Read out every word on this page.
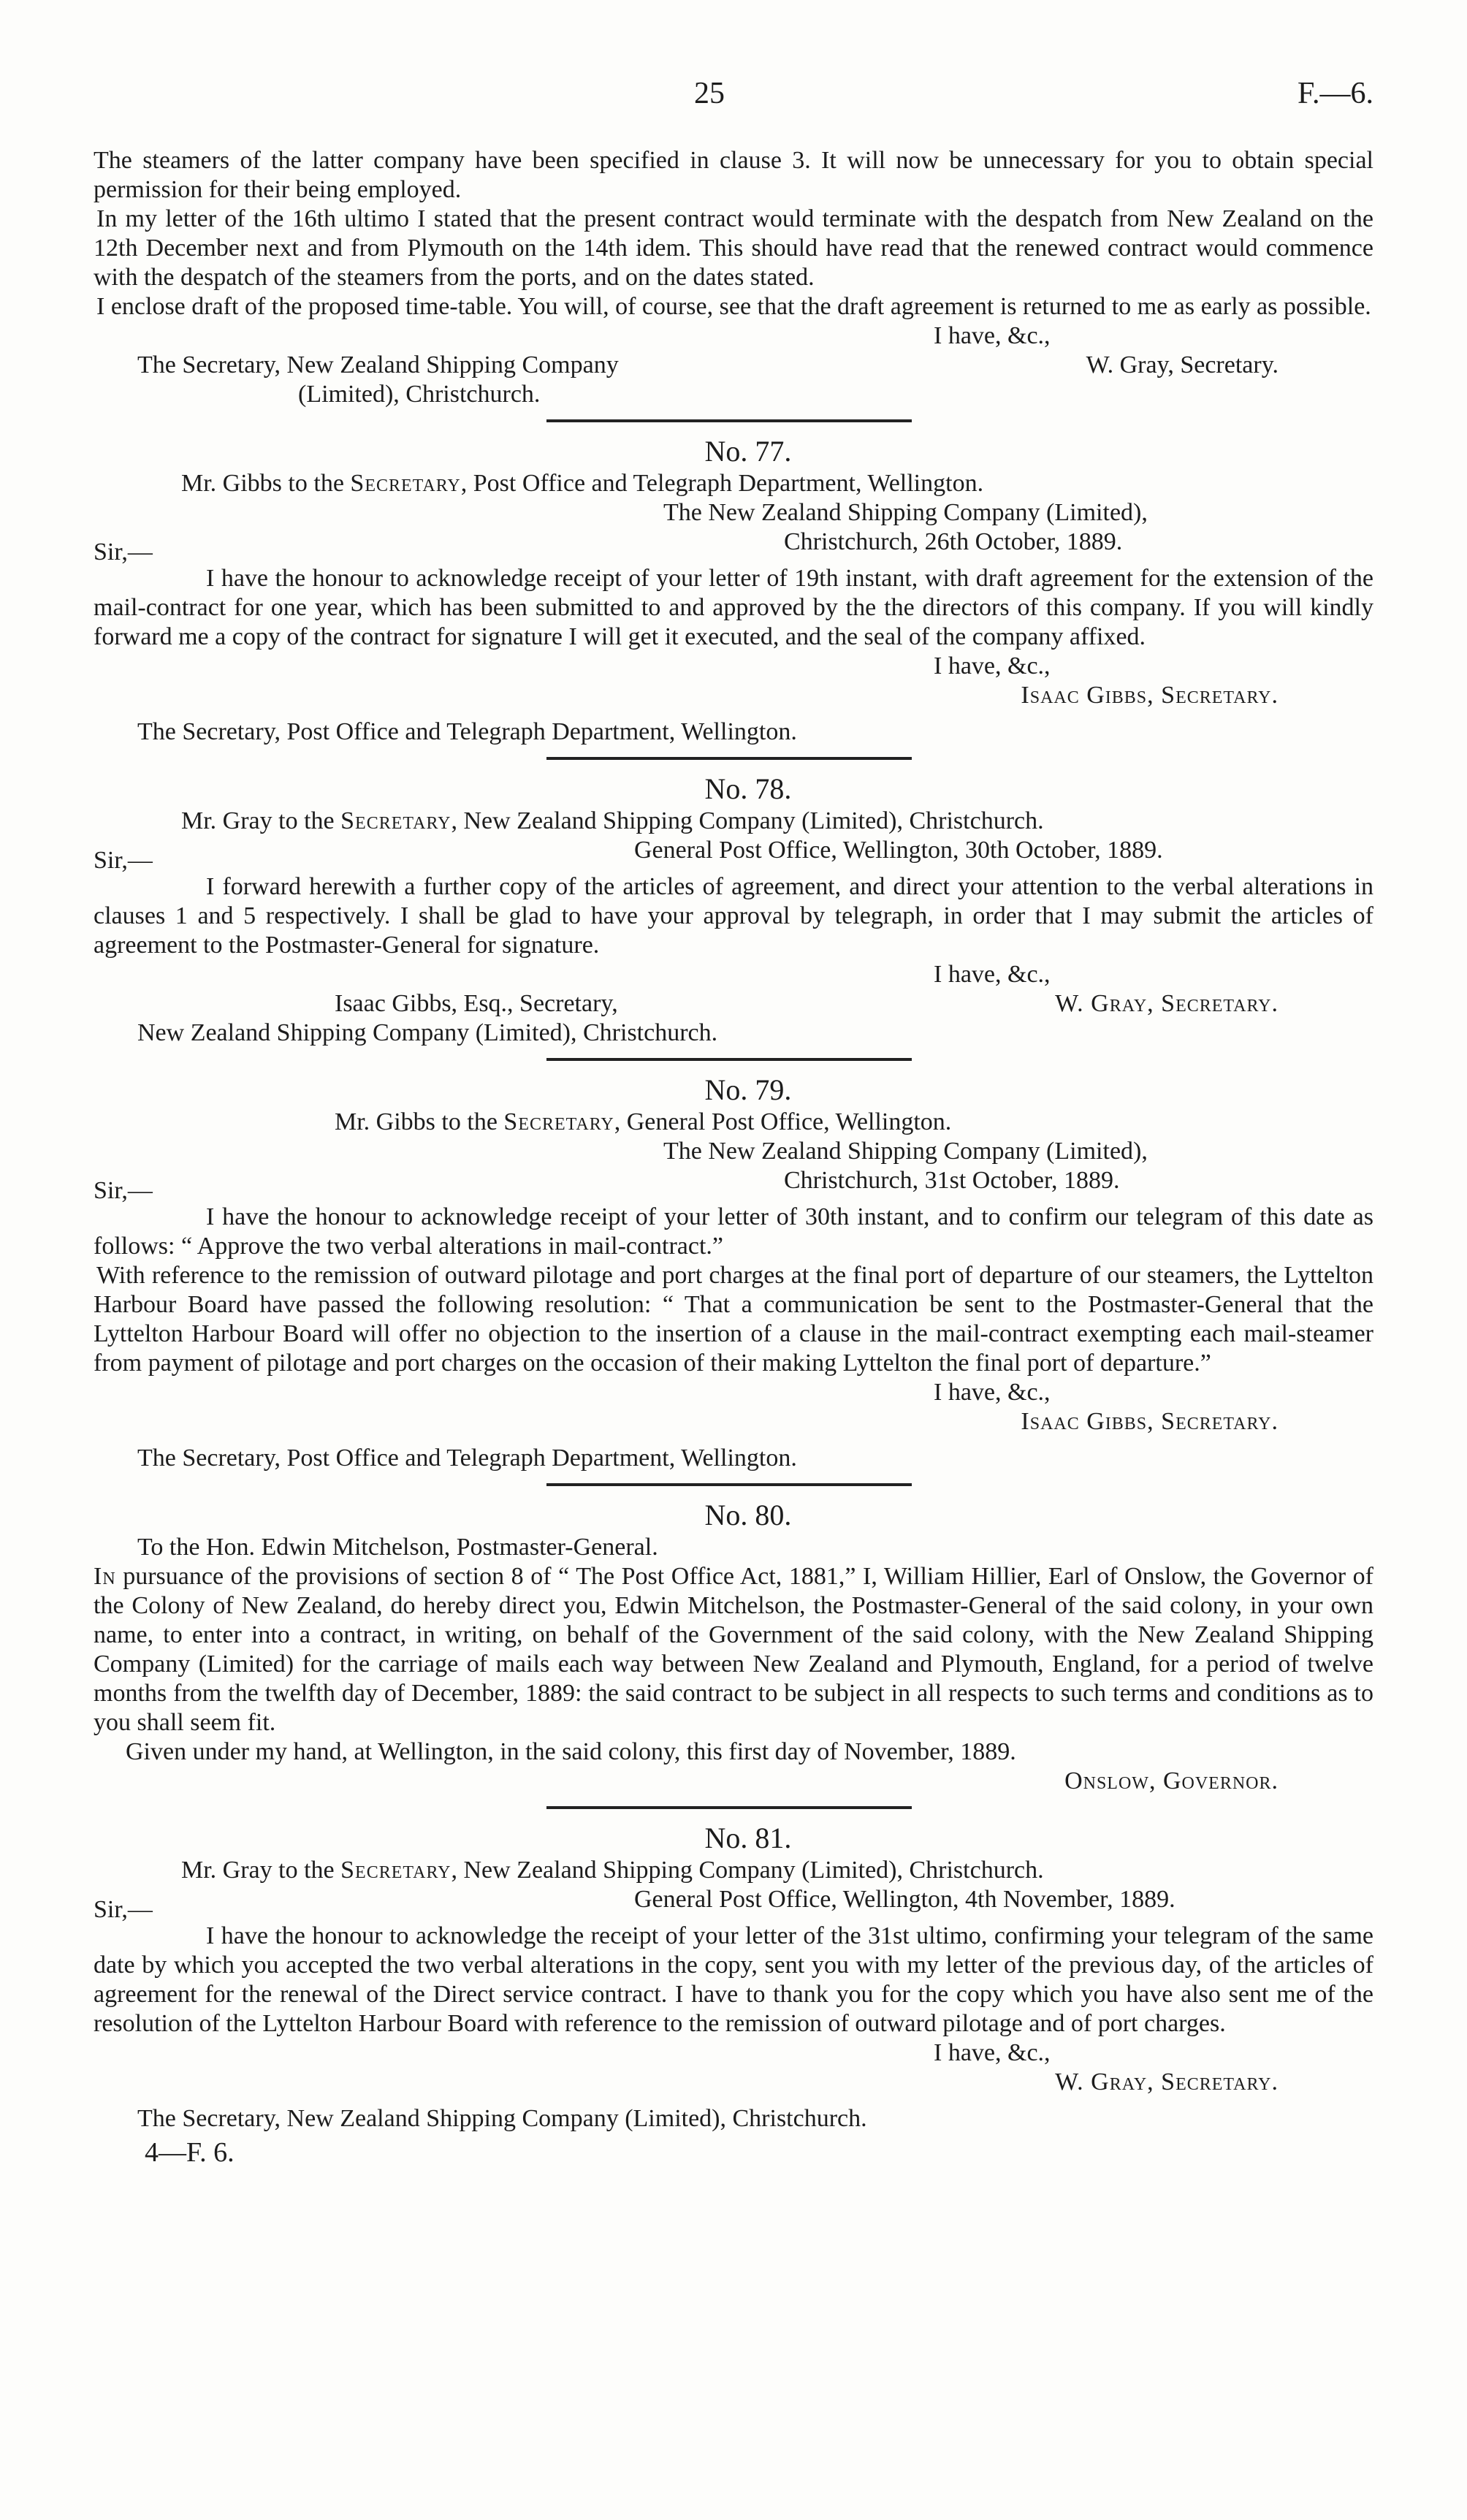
25	F.—6.

The steamers of the latter company have been specified in clause 3. It will now be unnecessary for you to obtain special permission for their being employed.

In my letter of the 16th ultimo I stated that the present contract would terminate with the despatch from New Zealand on the 12th December next and from Plymouth on the 14th idem. This should have read that the renewed contract would commence with the despatch of the steamers from the ports, and on the dates stated.

I enclose draft of the proposed time-table. You will, of course, see that the draft agreement is returned to me as early as possible.

I have, &c.,

The Secretary, New Zealand Shipping Company	W. Gray, Secretary.

(Limited), Christchurch.

No. 77.

Mr. Gibbs to the Secretary, Post Office and Telegraph Department, Wellington.

The New Zealand Shipping Company (Limited),

Sir,—	Christchurch, 26th October, 1889.

I have the honour to acknowledge receipt of your letter of 19th instant, with draft agreement for the extension of the mail-contract for one year, which has been submitted to and approved by the the directors of this company. If you will kindly forward me a copy of the contract for signature I will get it executed, and the seal of the company affixed.

I have, &c.,

Isaac Gibbs, Secretary.

The Secretary, Post Office and Telegraph Department, Wellington.

No. 78.

Mr. Gray to the Secretary, New Zealand Shipping Company (Limited), Christchurch.

Sir,—	General Post Office, Wellington, 30th October, 1889.

I forward herewith a further copy of the articles of agreement, and direct your attention to the verbal alterations in clauses 1 and 5 respectively. I shall be glad to have your approval by telegraph, in order that I may submit the articles of agreement to the Postmaster-General for signature.

I have, &c.,

Isaac Gibbs, Esq., Secretary,	W. Gray, Secretary.

New Zealand Shipping Company (Limited), Christchurch.

No. 79.

Mr. Gibbs to the Secretary, General Post Office, Wellington.

The New Zealand Shipping Company (Limited),

Sir,—	Christchurch, 31st October, 1889.

I have the honour to acknowledge receipt of your letter of 30th instant, and to confirm our telegram of this date as follows: “ Approve the two verbal alterations in mail-contract.”

With reference to the remission of outward pilotage and port charges at the final port of departure of our steamers, the Lyttelton Harbour Board have passed the following resolution: “ That a communication be sent to the Postmaster-General that the Lyttelton Harbour Board will offer no objection to the insertion of a clause in the mail-contract exempting each mail-steamer from payment of pilotage and port charges on the occasion of their making Lyttelton the final port of departure.”

I have, &c.,

Isaac Gibbs, Secretary.

The Secretary, Post Office and Telegraph Department, Wellington.

No. 80.

To the Hon. Edwin Mitchelson, Postmaster-General.

In pursuance of the provisions of section 8 of “ The Post Office Act, 1881,” I, William Hillier, Earl of Onslow, the Governor of the Colony of New Zealand, do hereby direct you, Edwin Mitchelson, the Postmaster-General of the said colony, in your own name, to enter into a contract, in writing, on behalf of the Government of the said colony, with the New Zealand Shipping Company (Limited) for the carriage of mails each way between New Zealand and Plymouth, England, for a period of twelve months from the twelfth day of December, 1889: the said contract to be subject in all respects to such terms and conditions as to you shall seem fit.

Given under my hand, at Wellington, in the said colony, this first day of November, 1889.

Onslow, Governor.

No. 81.

Mr. Gray to the Secretary, New Zealand Shipping Company (Limited), Christchurch.

Sir,—	General Post Office, Wellington, 4th November, 1889.

I have the honour to acknowledge the receipt of your letter of the 31st ultimo, confirming your telegram of the same date by which you accepted the two verbal alterations in the copy, sent you with my letter of the previous day, of the articles of agreement for the renewal of the Direct service contract. I have to thank you for the copy which you have also sent me of the resolution of the Lyttelton Harbour Board with reference to the remission of outward pilotage and of port charges.

I have, &c.,

W. Gray, Secretary.

The Secretary, New Zealand Shipping Company (Limited), Christchurch.

4—F. 6.
